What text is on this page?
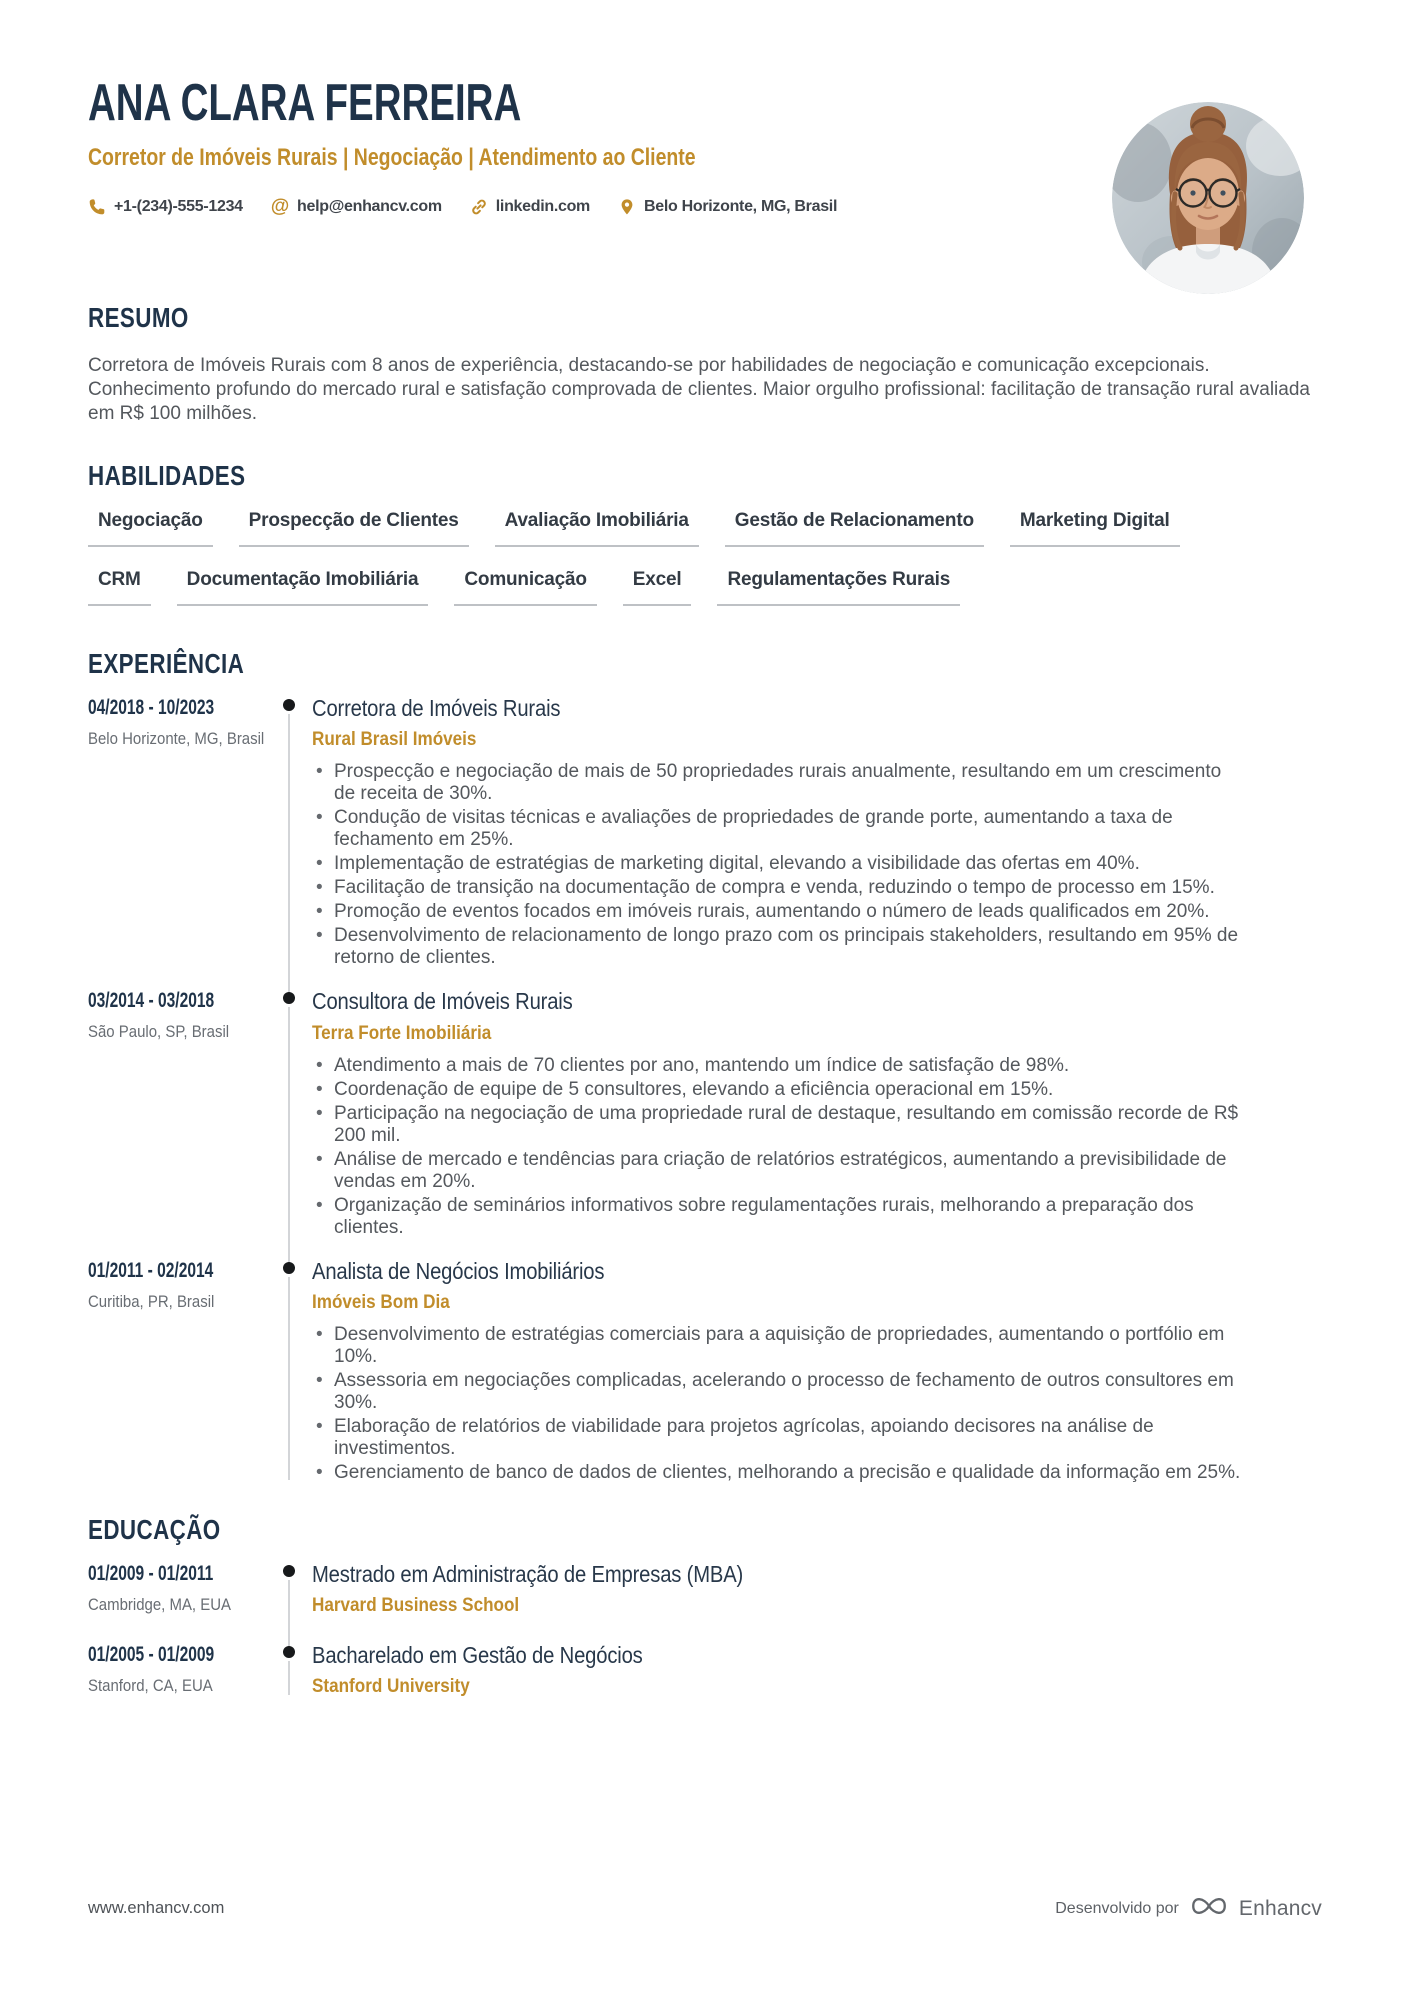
ANA CLARA FERREIRA
Corretor de Imóveis Rurais | Negociação | Atendimento ao Cliente
+1-(234)-555-1234 @ help@enhancv.com	linkedin.com	Belo Horizonte, MG, Brasil
RESUMO

Corretora de Imóveis Rurais com 8 anos de experiência, destacando-se por habilidades de negociação e comunicação excepcionais. Conhecimento profundo do mercado rural e satisfação comprovada de clientes. Maior orgulho profissional: facilitação de transação rural avaliada em R$ 100 milhões.

HABILIDADES
Negociação	Prospecção de Clientes	Avaliação Imobiliária	Gestão de Relacionamento	Marketing Digital
CRM	Documentação Imobiliária	Comunicação	Excel	Regulamentações Rurais
EXPERIÊNCIA
04/2018 - 10/2023
Belo Horizonte, MG, Brasil
Corretora de Imóveis Rurais
Rural Brasil Imóveis
• Prospecção e negociação de mais de 50 propriedades rurais anualmente, resultando em um crescimento de receita de 30%.
• Condução de visitas técnicas e avaliações de propriedades de grande porte, aumentando a taxa de fechamento em 25%.
• Implementação de estratégias de marketing digital, elevando a visibilidade das ofertas em 40%.
• Facilitação de transição na documentação de compra e venda, reduzindo o tempo de processo em 15%.
• Promoção de eventos focados em imóveis rurais, aumentando o número de leads qualificados em 20%.
• Desenvolvimento de relacionamento de longo prazo com os principais stakeholders, resultando em 95% de retorno de clientes.
03/2014 - 03/2018
São Paulo, SP, Brasil
Consultora de Imóveis Rurais
Terra Forte Imobiliária
• Atendimento a mais de 70 clientes por ano, mantendo um índice de satisfação de 98%.
• Coordenação de equipe de 5 consultores, elevando a eficiência operacional em 15%.
• Participação na negociação de uma propriedade rural de destaque, resultando em comissão recorde de R$ 200 mil.
• Análise de mercado e tendências para criação de relatórios estratégicos, aumentando a previsibilidade de vendas em 20%.
• Organização de seminários informativos sobre regulamentações rurais, melhorando a preparação dos clientes.
01/2011 - 02/2014
Curitiba, PR, Brasil
Analista de Negócios Imobiliários
Imóveis Bom Dia
• Desenvolvimento de estratégias comerciais para a aquisição de propriedades, aumentando o portfólio em 10%.
• Assessoria em negociações complicadas, acelerando o processo de fechamento de outros consultores em 30%.
• Elaboração de relatórios de viabilidade para projetos agrícolas, apoiando decisores na análise de investimentos.
• Gerenciamento de banco de dados de clientes, melhorando a precisão e qualidade da informação em 25%.
EDUCAÇÃO
01/2009 - 01/2011
Cambridge, MA, EUA
Mestrado em Administração de Empresas (MBA)
Harvard Business School
01/2005 - 01/2009
Stanford, CA, EUA
Bacharelado em Gestão de Negócios
Stanford University
www.enhancv.com	Desenvolvido por	Enhancv
